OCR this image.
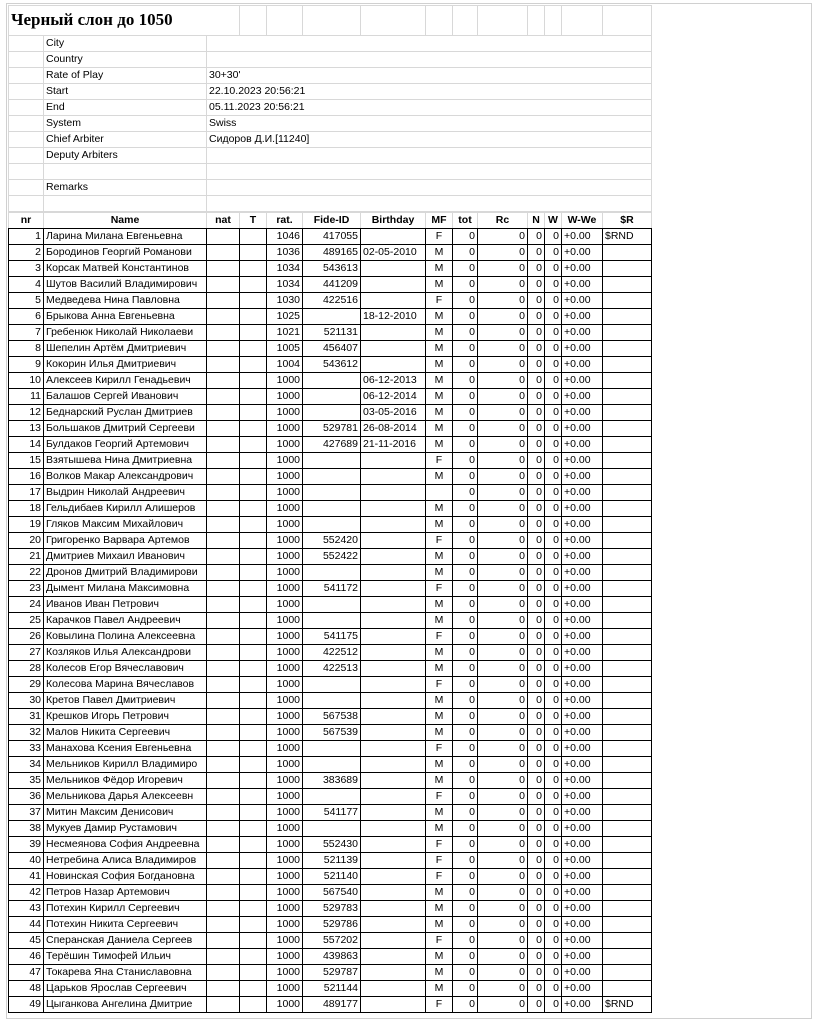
Черный слон до 1050													
	City												
	Country												
	Rate of Play	30+30'											
	Start	22.10.2023 20:56:21											
	End	05.11.2023 20:56:21											
	System	Swiss											
	Chief Arbiter	Сидоров Д.И.[11240]											
	Deputy Arbiters												

	Remarks												

nr	Name	nat	T	rat.	Fide-ID	Birthday	MF	tot	Rc	N	W	W-We	$R
1	Ларина Милана Евгеньевна			1046	417055		F	0	0	0	0	+0.00	$RND
2	Бородинов Георгий Романови			1036	489165	02-05-2010	M	0	0	0	0	+0.00	
3	Корсак Матвей Константинов			1034	543613		M	0	0	0	0	+0.00	
4	Шутов Василий Владимирович			1034	441209		M	0	0	0	0	+0.00	
5	Медведева Нина Павловна			1030	422516		F	0	0	0	0	+0.00	
6	Брыкова Анна Евгеньевна			1025		18-12-2010	M	0	0	0	0	+0.00	
7	Гребенюк Николай Николаеви			1021	521131		M	0	0	0	0	+0.00	
8	Шепелин Артём Дмитриевич			1005	456407		M	0	0	0	0	+0.00	
9	Кокорин Илья Дмитриевич			1004	543612		M	0	0	0	0	+0.00	
10	Алексеев Кирилл Генадьевич			1000		06-12-2013	M	0	0	0	0	+0.00	
11	Балашов Сергей Иванович			1000		06-12-2014	M	0	0	0	0	+0.00	
12	Беднарский Руслан Дмитриев			1000		03-05-2016	M	0	0	0	0	+0.00	
13	Большаков Дмитрий Сергееви			1000	529781	26-08-2014	M	0	0	0	0	+0.00	
14	Булдаков Георгий Артемович			1000	427689	21-11-2016	M	0	0	0	0	+0.00	
15	Взятышева Нина Дмитриевна			1000			F	0	0	0	0	+0.00	
16	Волков Макар Александрович			1000			M	0	0	0	0	+0.00	
17	Выдрин Николай Андреевич			1000				0	0	0	0	+0.00	
18	Гельдибаев Кирилл Алишеров			1000			M	0	0	0	0	+0.00	
19	Гляков Максим Михайлович			1000			M	0	0	0	0	+0.00	
20	Григоренко Варвара Артемов			1000	552420		F	0	0	0	0	+0.00	
21	Дмитриев Михаил Иванович			1000	552422		M	0	0	0	0	+0.00	
22	Дронов Дмитрий Владимирови			1000			M	0	0	0	0	+0.00	
23	Дымент Милана Максимовна			1000	541172		F	0	0	0	0	+0.00	
24	Иванов Иван Петрович			1000			M	0	0	0	0	+0.00	
25	Карачков Павел Андреевич			1000			M	0	0	0	0	+0.00	
26	Ковылина Полина Алексеевна			1000	541175		F	0	0	0	0	+0.00	
27	Козляков Илья Александрови			1000	422512		M	0	0	0	0	+0.00	
28	Колесов Егор Вячеславович			1000	422513		M	0	0	0	0	+0.00	
29	Колесова Марина Вячеславов			1000			F	0	0	0	0	+0.00	
30	Кретов Павел Дмитриевич			1000			M	0	0	0	0	+0.00	
31	Крешков Игорь Петрович			1000	567538		M	0	0	0	0	+0.00	
32	Малов Никита Сергеевич			1000	567539		M	0	0	0	0	+0.00	
33	Манахова Ксения Евгеньевна			1000			F	0	0	0	0	+0.00	
34	Мельников Кирилл Владимиро			1000			M	0	0	0	0	+0.00	
35	Мельников Фёдор Игоревич			1000	383689		M	0	0	0	0	+0.00	
36	Мельникова Дарья Алексеевн			1000			F	0	0	0	0	+0.00	
37	Митин Максим Денисович			1000	541177		M	0	0	0	0	+0.00	
38	Мукуев Дамир Рустамович			1000			M	0	0	0	0	+0.00	
39	Несмеянова София Андреевна			1000	552430		F	0	0	0	0	+0.00	
40	Нетребина Алиса Владимиров			1000	521139		F	0	0	0	0	+0.00	
41	Новинская София Богдановна			1000	521140		F	0	0	0	0	+0.00	
42	Петров Назар Артемович			1000	567540		M	0	0	0	0	+0.00	
43	Потехин Кирилл Сергеевич			1000	529783		M	0	0	0	0	+0.00	
44	Потехин Никита Сергеевич			1000	529786		M	0	0	0	0	+0.00	
45	Сперанская Даниела Сергеев			1000	557202		F	0	0	0	0	+0.00	
46	Терёшин Тимофей Ильич			1000	439863		M	0	0	0	0	+0.00	
47	Токарева Яна Станиславовна			1000	529787		M	0	0	0	0	+0.00	
48	Царьков Ярослав Сергеевич			1000	521144		M	0	0	0	0	+0.00	
49	Цыганкова Ангелина Дмитрие			1000	489177		F	0	0	0	0	+0.00	$RND
